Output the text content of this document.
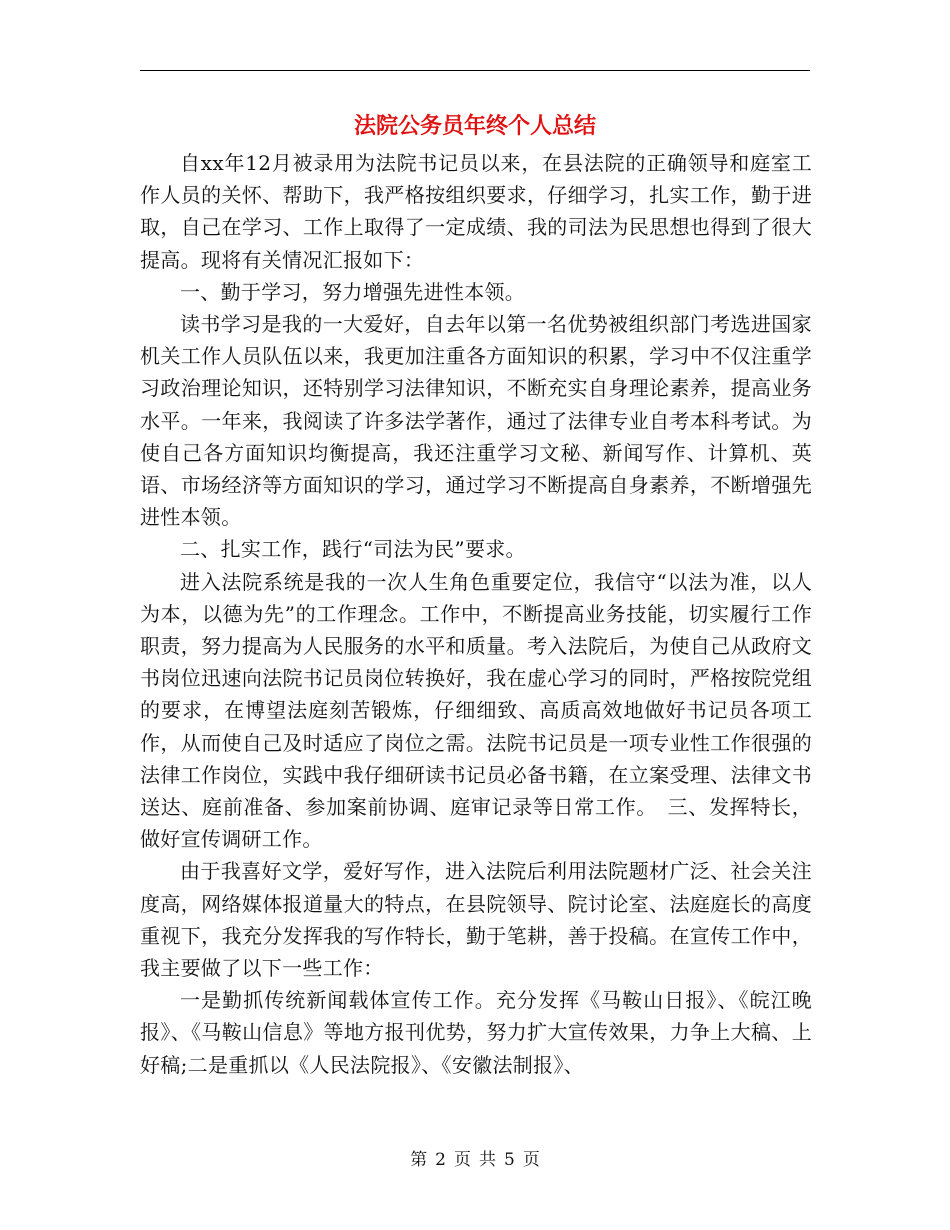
法院公务员年终个人总结

自xx年12月被录用为法院书记员以来，在县法院的正确领导和庭室工作人员的关怀、帮助下，我严格按组织要求，仔细学习，扎实工作，勤于进取，自己在学习、工作上取得了一定成绩、我的司法为民思想也得到了很大提高。现将有关情况汇报如下：

一、勤于学习，努力增强先进性本领。

读书学习是我的一大爱好，自去年以第一名优势被组织部门考选进国家机关工作人员队伍以来，我更加注重各方面知识的积累，学习中不仅注重学习政治理论知识，还特别学习法律知识，不断充实自身理论素养，提高业务水平。一年来，我阅读了许多法学著作，通过了法律专业自考本科考试。为使自己各方面知识均衡提高，我还注重学习文秘、新闻写作、计算机、英语、市场经济等方面知识的学习，通过学习不断提高自身素养，不断增强先进性本领。

二、扎实工作，践行“司法为民”要求。

进入法院系统是我的一次人生角色重要定位，我信守“以法为准，以人为本，以德为先”的工作理念。工作中，不断提高业务技能，切实履行工作职责，努力提高为人民服务的水平和质量。考入法院后，为使自己从政府文书岗位迅速向法院书记员岗位转换好，我在虚心学习的同时，严格按院党组的要求，在博望法庭刻苦锻炼，仔细细致、高质高效地做好书记员各项工作，从而使自己及时适应了岗位之需。法院书记员是一项专业性工作很强的法律工作岗位，实践中我仔细研读书记员必备书籍，在立案受理、法律文书送达、庭前准备、参加案前协调、庭审记录等日常工作。　三、发挥特长，做好宣传调研工作。

由于我喜好文学，爱好写作，进入法院后利用法院题材广泛、社会关注度高，网络媒体报道量大的特点，在县院领导、院讨论室、法庭庭长的高度重视下，我充分发挥我的写作特长，勤于笔耕，善于投稿。在宣传工作中，我主要做了以下一些工作：

一是勤抓传统新闻载体宣传工作。充分发挥《马鞍山日报》、《皖江晚报》、《马鞍山信息》等地方报刊优势，努力扩大宣传效果，力争上大稿、上好稿;二是重抓以《人民法院报》、《安徽法制报》、

第 2 页 共 5 页
